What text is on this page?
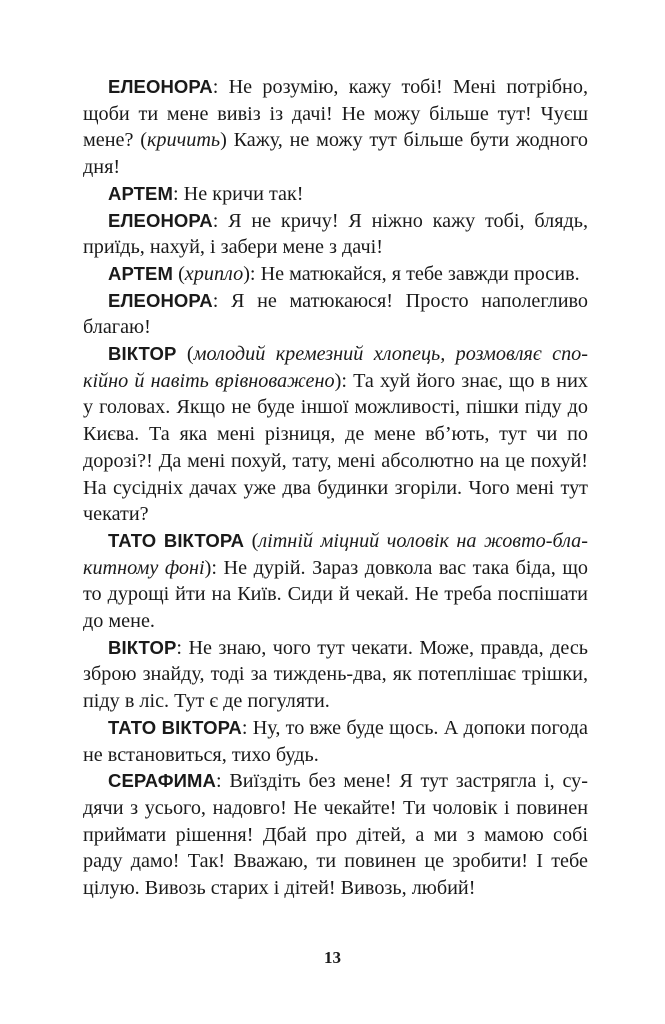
ЕЛЕОНОРА: Не розумію, кажу тобі! Мені потрібно, щоби ти мене вивіз із дачі! Не можу більше тут! Чуєш мене? (кричить) Кажу, не можу тут більше бути жодного дня!

АРТЕМ: Не кричи так!

ЕЛЕОНОРА: Я не кричу! Я ніжно кажу тобі, блядь, приїдь, нахуй, і забери мене з дачі!

АРТЕМ (хрипло): Не матюкайся, я тебе завжди просив.

ЕЛЕОНОРА: Я не матюкаюся! Просто наполегливо благаю!

ВІКТОР (молодий кремезний хлопець, розмовляє спокійно й навіть врівноважено): Та хуй його знає, що в них у головах. Якщо не буде іншої можливості, пішки піду до Києва. Та яка мені різниця, де мене вб’ють, тут чи по дорозі?! Да мені похуй, тату, мені абсолютно на це похуй! На сусідніх дачах уже два будинки згоріли. Чого мені тут чекати?

ТАТО ВІКТОРА (літній міцний чоловік на жовто-блакитному фоні): Не дурій. Зараз довкола вас така біда, що то дурощі йти на Київ. Сиди й чекай. Не треба поспішати до мене.

ВІКТОР: Не знаю, чого тут чекати. Може, правда, десь зброю знайду, тоді за тиждень-два, як потеплішає трішки, піду в ліс. Тут є де погуляти.

ТАТО ВІКТОРА: Ну, то вже буде щось. А допоки погода не встановиться, тихо будь.

СЕРАФИМА: Виїздіть без мене! Я тут застрягла і, судячи з усього, надовго! Не чекайте! Ти чоловік і повинен приймати рішення! Дбай про дітей, а ми з мамою собі раду дамо! Так! Вважаю, ти повинен це зробити! І тебе цілую. Вивозь старих і дітей! Вивозь, любий!

13
